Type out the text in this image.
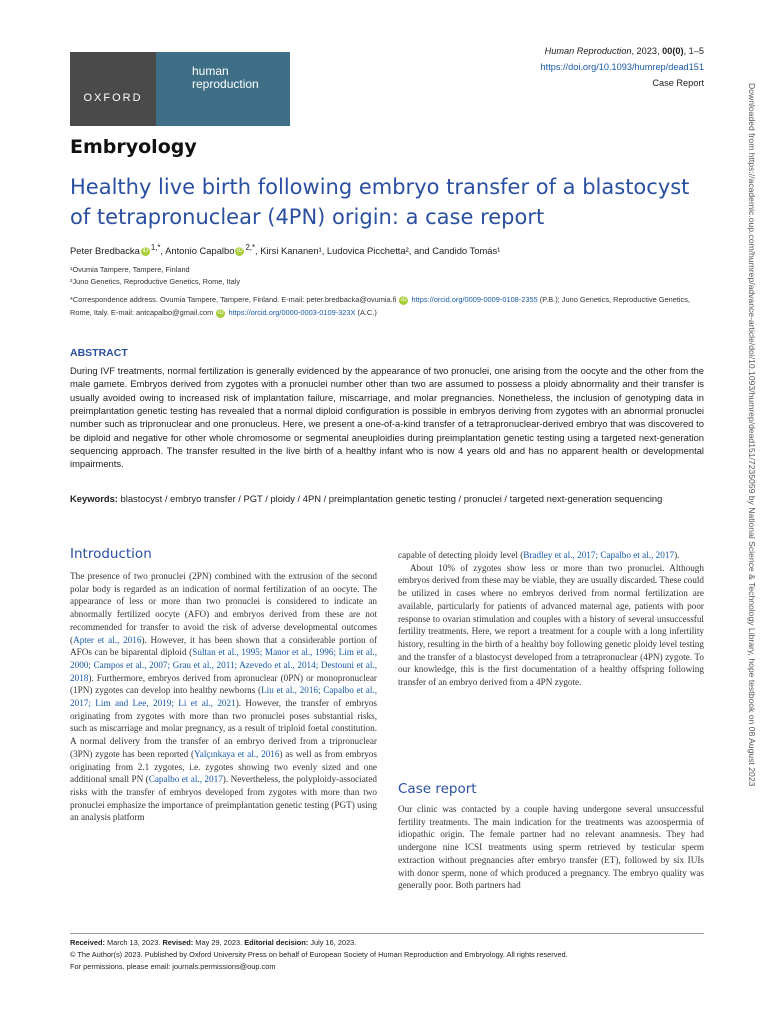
OXFORD
human
reproduction
Human Reproduction, 2023, 00(0), 1–5
https://doi.org/10.1093/humrep/dead151
Case Report
Embryology
Healthy live birth following embryo transfer of a blastocyst of tetrapronuclear (4PN) origin: a case report
Peter Bredbacka iD $^{1,*}$, Antonio Capalbo iD $^{2,*}$, Kirsi Kananen¹, Ludovica Picchetta², and Candido Tomás¹
¹Ovumia Tampere, Tampere, Finland
²Juno Genetics, Reproductive Genetics, Rome, Italy
*Correspondence address. Ovumia Tampere, Tampere, Finland. E-mail: peter.bredbacka@ovumia.fi iD https://orcid.org/0009-0009-0108-2355 (P.B.); Juno Genetics, Reproductive Genetics, Rome, Italy. E-mail: antcapalbo@gmail.com iD https://orcid.org/0000-0003-0109-323X (A.C.)
ABSTRACT
During IVF treatments, normal fertilization is generally evidenced by the appearance of two pronuclei, one arising from the oocyte and the other from the male gamete. Embryos derived from zygotes with a pronuclei number other than two are assumed to possess a ploidy abnormality and their transfer is usually avoided owing to increased risk of implantation failure, miscarriage, and molar pregnancies. Nonetheless, the inclusion of genotyping data in preimplantation genetic testing has revealed that a normal diploid configuration is possible in embryos deriving from zygotes with an abnormal pronuclei number such as tripronuclear and one pronucleus. Here, we present a one-of-a-kind transfer of a tetrapronuclear-derived embryo that was discovered to be diploid and negative for other whole chromosome or segmental aneuploidies during preimplantation genetic testing using a targeted next-generation sequencing approach. The transfer resulted in the live birth of a healthy infant who is now 4 years old and has no apparent health or developmental impairments.
Keywords: blastocyst / embryo transfer / PGT / ploidy / 4PN / preimplantation genetic testing / pronuclei / targeted next-generation sequencing
Introduction

The presence of two pronuclei (2PN) combined with the extrusion of the second polar body is regarded as an indication of normal fertilization of an oocyte. The appearance of less or more than two pronuclei is considered to indicate an abnormally fertilized oocyte (AFO) and embryos derived from these are not recommended for transfer to avoid the risk of adverse developmental outcomes (Apter et al., 2016). However, it has been shown that a considerable portion of AFOs can be biparental diploid (Sultan et al., 1995; Manor et al., 1996; Lim et al., 2000; Campos et al., 2007; Grau et al., 2011; Azevedo et al., 2014; Destouni et al., 2018). Furthermore, embryos derived from apronuclear (0PN) or monopronuclear (1PN) zygotes can develop into healthy newborns (Liu et al., 2016; Capalbo et al., 2017; Lim and Lee, 2019; Li et al., 2021). However, the transfer of embryos originating from zygotes with more than two pronuclei poses substantial risks, such as miscarriage and molar pregnancy, as a result of triploid foetal constitution. A normal delivery from the transfer of an embryo derived from a tripronuclear (3PN) zygote has been reported (Yalçınkaya et al., 2016) as well as from embryos originating from 2.1 zygotes, i.e. zygotes showing two evenly sized and one additional small PN (Capalbo et al., 2017). Nevertheless, the polyploidy-associated risks with the transfer of embryos developed from zygotes with more than two pronuclei emphasize the importance of preimplantation genetic testing (PGT) using an analysis platform

capable of detecting ploidy level (Bradley et al., 2017; Capalbo et al., 2017).

About 10% of zygotes show less or more than two pronuclei. Although embryos derived from these may be viable, they are usually discarded. These could be utilized in cases where no embryos derived from normal fertilization are available, particularly for patients of advanced maternal age, patients with poor response to ovarian stimulation and couples with a history of several unsuccessful fertility treatments. Here, we report a treatment for a couple with a long infertility history, resulting in the birth of a healthy boy following genetic ploidy level testing and the transfer of a blastocyst developed from a tetrapronuclear (4PN) zygote. To our knowledge, this is the first documentation of a healthy offspring following transfer of an embryo derived from a 4PN zygote.

Case report

Our clinic was contacted by a couple having undergone several unsuccessful fertility treatments. The main indication for the treatments was azoospermia of idiopathic origin. The female partner had no relevant anamnesis. They had undergone nine ICSI treatments using sperm retrieved by testicular sperm extraction without pregnancies after embryo transfer (ET), followed by six IUIs with donor sperm, none of which produced a pregnancy. The embryo quality was generally poor. Both partners had

Received: March 13, 2023. Revised: May 29, 2023. Editorial decision: July 16, 2023.
© The Author(s) 2023. Published by Oxford University Press on behalf of European Society of Human Reproduction and Embryology. All rights reserved.
For permissions, please email: journals.permissions@oup.com
Downloaded from https://academic.oup.com/humrep/advance-article/doi/10.1093/humrep/dead151/7235059 by National Science & Technology Library, hope testbook on 08 August 2023
